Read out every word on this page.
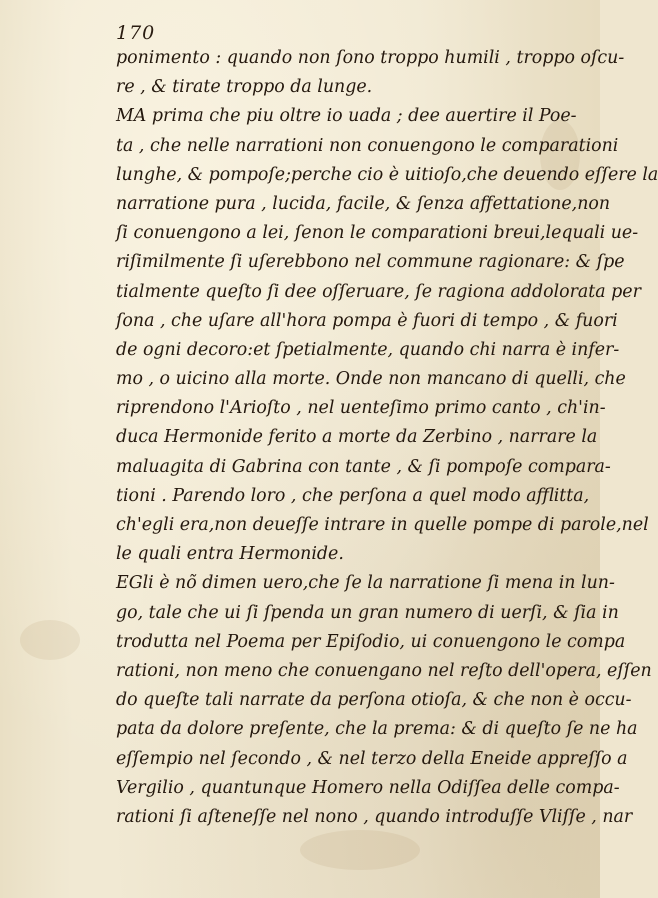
170
ponimento : quando non ſono troppo humili , troppo oſcu-
re , & tirate troppo da lunge.
MA prima che piu oltre io uada ; dee auertire il Poe-
ta , che nelle narrationi non conuengono le comparationi
lunghe, & pompoſe;perche cio è uitioſo,che deuendo eſſere la
narratione pura , lucida, facile, & ſenza affettatione,non
ſi conuengono a lei, ſenon le comparationi breui,lequali ue-
riſimilmente ſi uſerebbono nel commune ragionare: & ſpe
tialmente queſto ſi dee oſſeruare, ſe ragiona addolorata per
ſona , che uſare all'hora pompa è fuori di tempo , & fuori
de ogni decoro:et ſpetialmente, quando chi narra è infer-
mo , o uicino alla morte. Onde non mancano di quelli, che
riprendono l'Arioſto , nel uenteſimo primo canto , ch'in-
duca Hermonide ferito a morte da Zerbino , narrare la
maluagita di Gabrina con tante , & ſi pompoſe compara-
tioni . Parendo loro , che perſona a quel modo afflitta,
ch'egli era,non deueſſe intrare in quelle pompe di parole,nel
le quali entra Hermonide.
EGli è nõ dimen uero,che ſe la narratione ſi mena in lun-
go, tale che ui ſi ſpenda un gran numero di uerſi, & ſia in
trodutta nel Poema per Epiſodio, ui conuengono le compa
rationi, non meno che conuengano nel reſto dell'opera, eſſen
do queſte tali narrate da perſona otioſa, & che non è occu-
pata da dolore preſente, che la prema: & di queſto ſe ne ha
eſſempio nel ſecondo , & nel terzo della Eneide appreſſo a
Vergilio , quantunque Homero nella Odiſſea delle compa-
rationi ſi aſteneſſe nel nono , quando introduſſe Vliſſe , nar
